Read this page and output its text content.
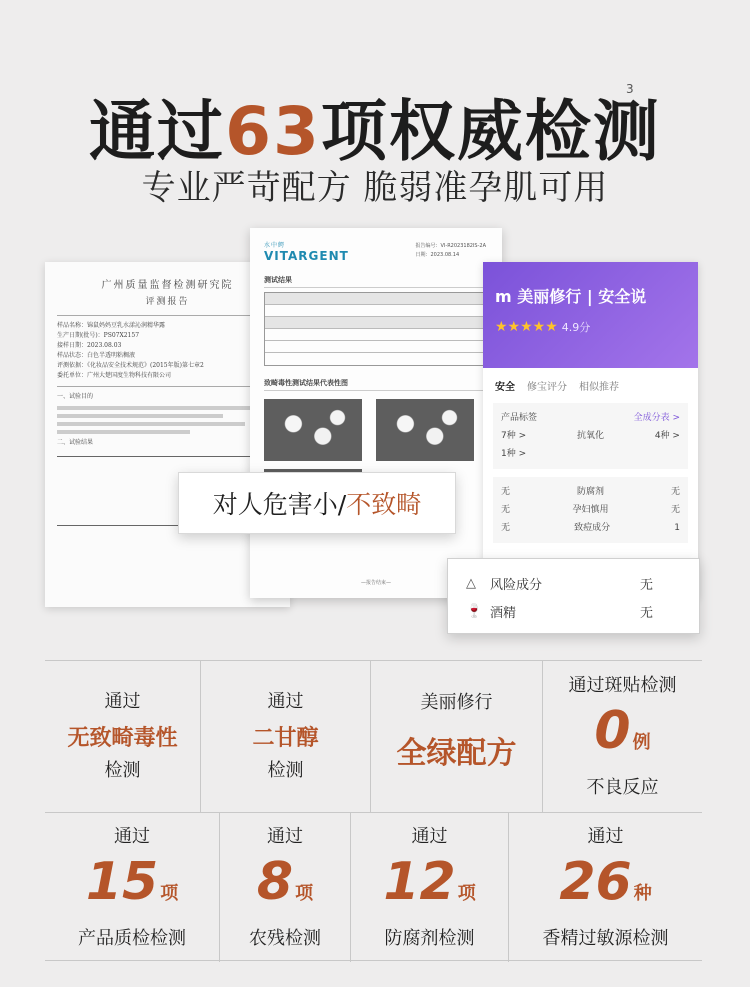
通过63项权威检测
3
专业严苛配方 脆弱准孕肌可用
广州质量监督检测研究院
评测报告
样品名称：锦鼠妈妈豆乳水漾沁润精华露
生产日期(批号)：PS07X2157
接样日期：2023.08.03
样品状态：白色半透明粘稠液
评测依据：《化妆品安全技术规范》(2015年版)第七章2
委托单位：广州大楚国度生物科技有限公司
一、试验目的
二、试验结果
水中鳄
VITARGENT
报告编号：VI-R2023182IS-2A
日期：2023.08.14
测试结果
致畸毒性测试结果代表性图
—报告结束—
m 美丽修行 | 安全说
★★★★★ 4.9分
安全 修宝评分 相似推荐
产品标签	全成分表 >
7种 >	抗氧化	4种 >
1种 >
无	防腐剂	无
无	孕妇慎用	无
无	致痘成分	1
对人危害小/ 不致畸
△	风险成分	无
🍷 酒精	无
通过
无致畸毒性
检测
通过
二甘醇
检测
美丽修行
全绿配方
通过斑贴检测
0 例
不良反应
通过
15 项
产品质检检测
通过
8 项
农残检测
通过
12 项
防腐剂检测
通过
26 种
香精过敏源检测
